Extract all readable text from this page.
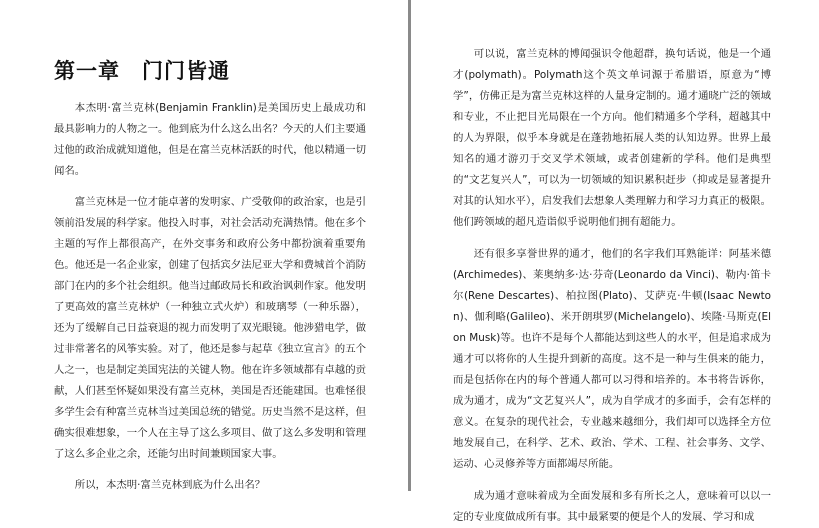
第一章　门门皆通

本杰明·富兰克林(Benjamin Franklin)是美国历史上最成功和最具影响力的人物之一。他到底为什么这么出名？今天的人们主要通过他的政治成就知道他，但是在富兰克林活跃的时代，他以精通一切闻名。

富兰克林是一位才能卓著的发明家、广受敬仰的政治家，也是引领前沿发展的科学家。他投入时事，对社会活动充满热情。他在多个主题的写作上都很高产，在外交事务和政府公务中都扮演着重要角色。他还是一名企业家，创建了包括宾夕法尼亚大学和费城首个消防部门在内的多个社会组织。他当过邮政局长和政治讽刺作家。他发明了更高效的富兰克林炉（一种独立式火炉）和玻璃琴（一种乐器），还为了缓解自己日益衰退的视力而发明了双光眼镜。他涉猎电学，做过非常著名的风筝实验。对了，他还是参与起草《独立宣言》的五个人之一，也是制定美国宪法的关键人物。他在许多领域都有卓越的贡献，人们甚至怀疑如果没有富兰克林，美国是否还能建国。也难怪很多学生会有种富兰克林当过美国总统的错觉。历史当然不是这样，但确实很难想象，一个人在主导了这么多项目、做了这么多发明和管理了这么多企业之余，还能匀出时间兼顾国家大事。

所以，本杰明·富兰克林到底为什么出名？

可以说，富兰克林的博闻强识令他超群，换句话说，他是一个通才(polymath)。Polymath这个英文单词源于希腊语，原意为“博学”，仿佛正是为富兰克林这样的人量身定制的。通才通晓广泛的领域和专业，不止把目光局限在一个方向。他们精通多个学科，超越其中的人为界限，似乎本身就是在蓬勃地拓展人类的认知边界。世界上最知名的通才游刃于交叉学术领域，或者创建新的学科。他们是典型的“文艺复兴人”，可以为一切领域的知识累积赶步（抑或是显著提升对其的认知水平），启发我们去想象人类理解力和学习力真正的极限。他们跨领域的超凡造诣似乎说明他们拥有超能力。

还有很多享誉世界的通才，他们的名字我们耳熟能详：阿基米德(Archimedes)、莱奥纳多·达·芬奇(Leonardo da Vinci)、勒内·笛卡尔(Rene Descartes)、柏拉图(Plato)、艾萨克·牛顿(Isaac Newton)、伽利略(Galileo)、米开朗琪罗(Michelangelo)、埃隆·马斯克(Elon Musk)等。也许不是每个人都能达到这些人的水平，但是追求成为通才可以将你的人生提升到新的高度。这不是一种与生俱来的能力，而是包括你在内的每个普通人都可以习得和培养的。本书将告诉你，成为通才，成为“文艺复兴人”，成为自学成才的多面手，会有怎样的意义。在复杂的现代社会，专业越来越细分，我们却可以选择全方位地发展自己，在科学、艺术、政治、学术、工程、社会事务、文学、运动、心灵修养等方面都竭尽所能。

成为通才意味着成为全面发展和多有所长之人，意味着可以以一定的专业度做成所有事。其中最紧要的便是个人的发展、学习和成
